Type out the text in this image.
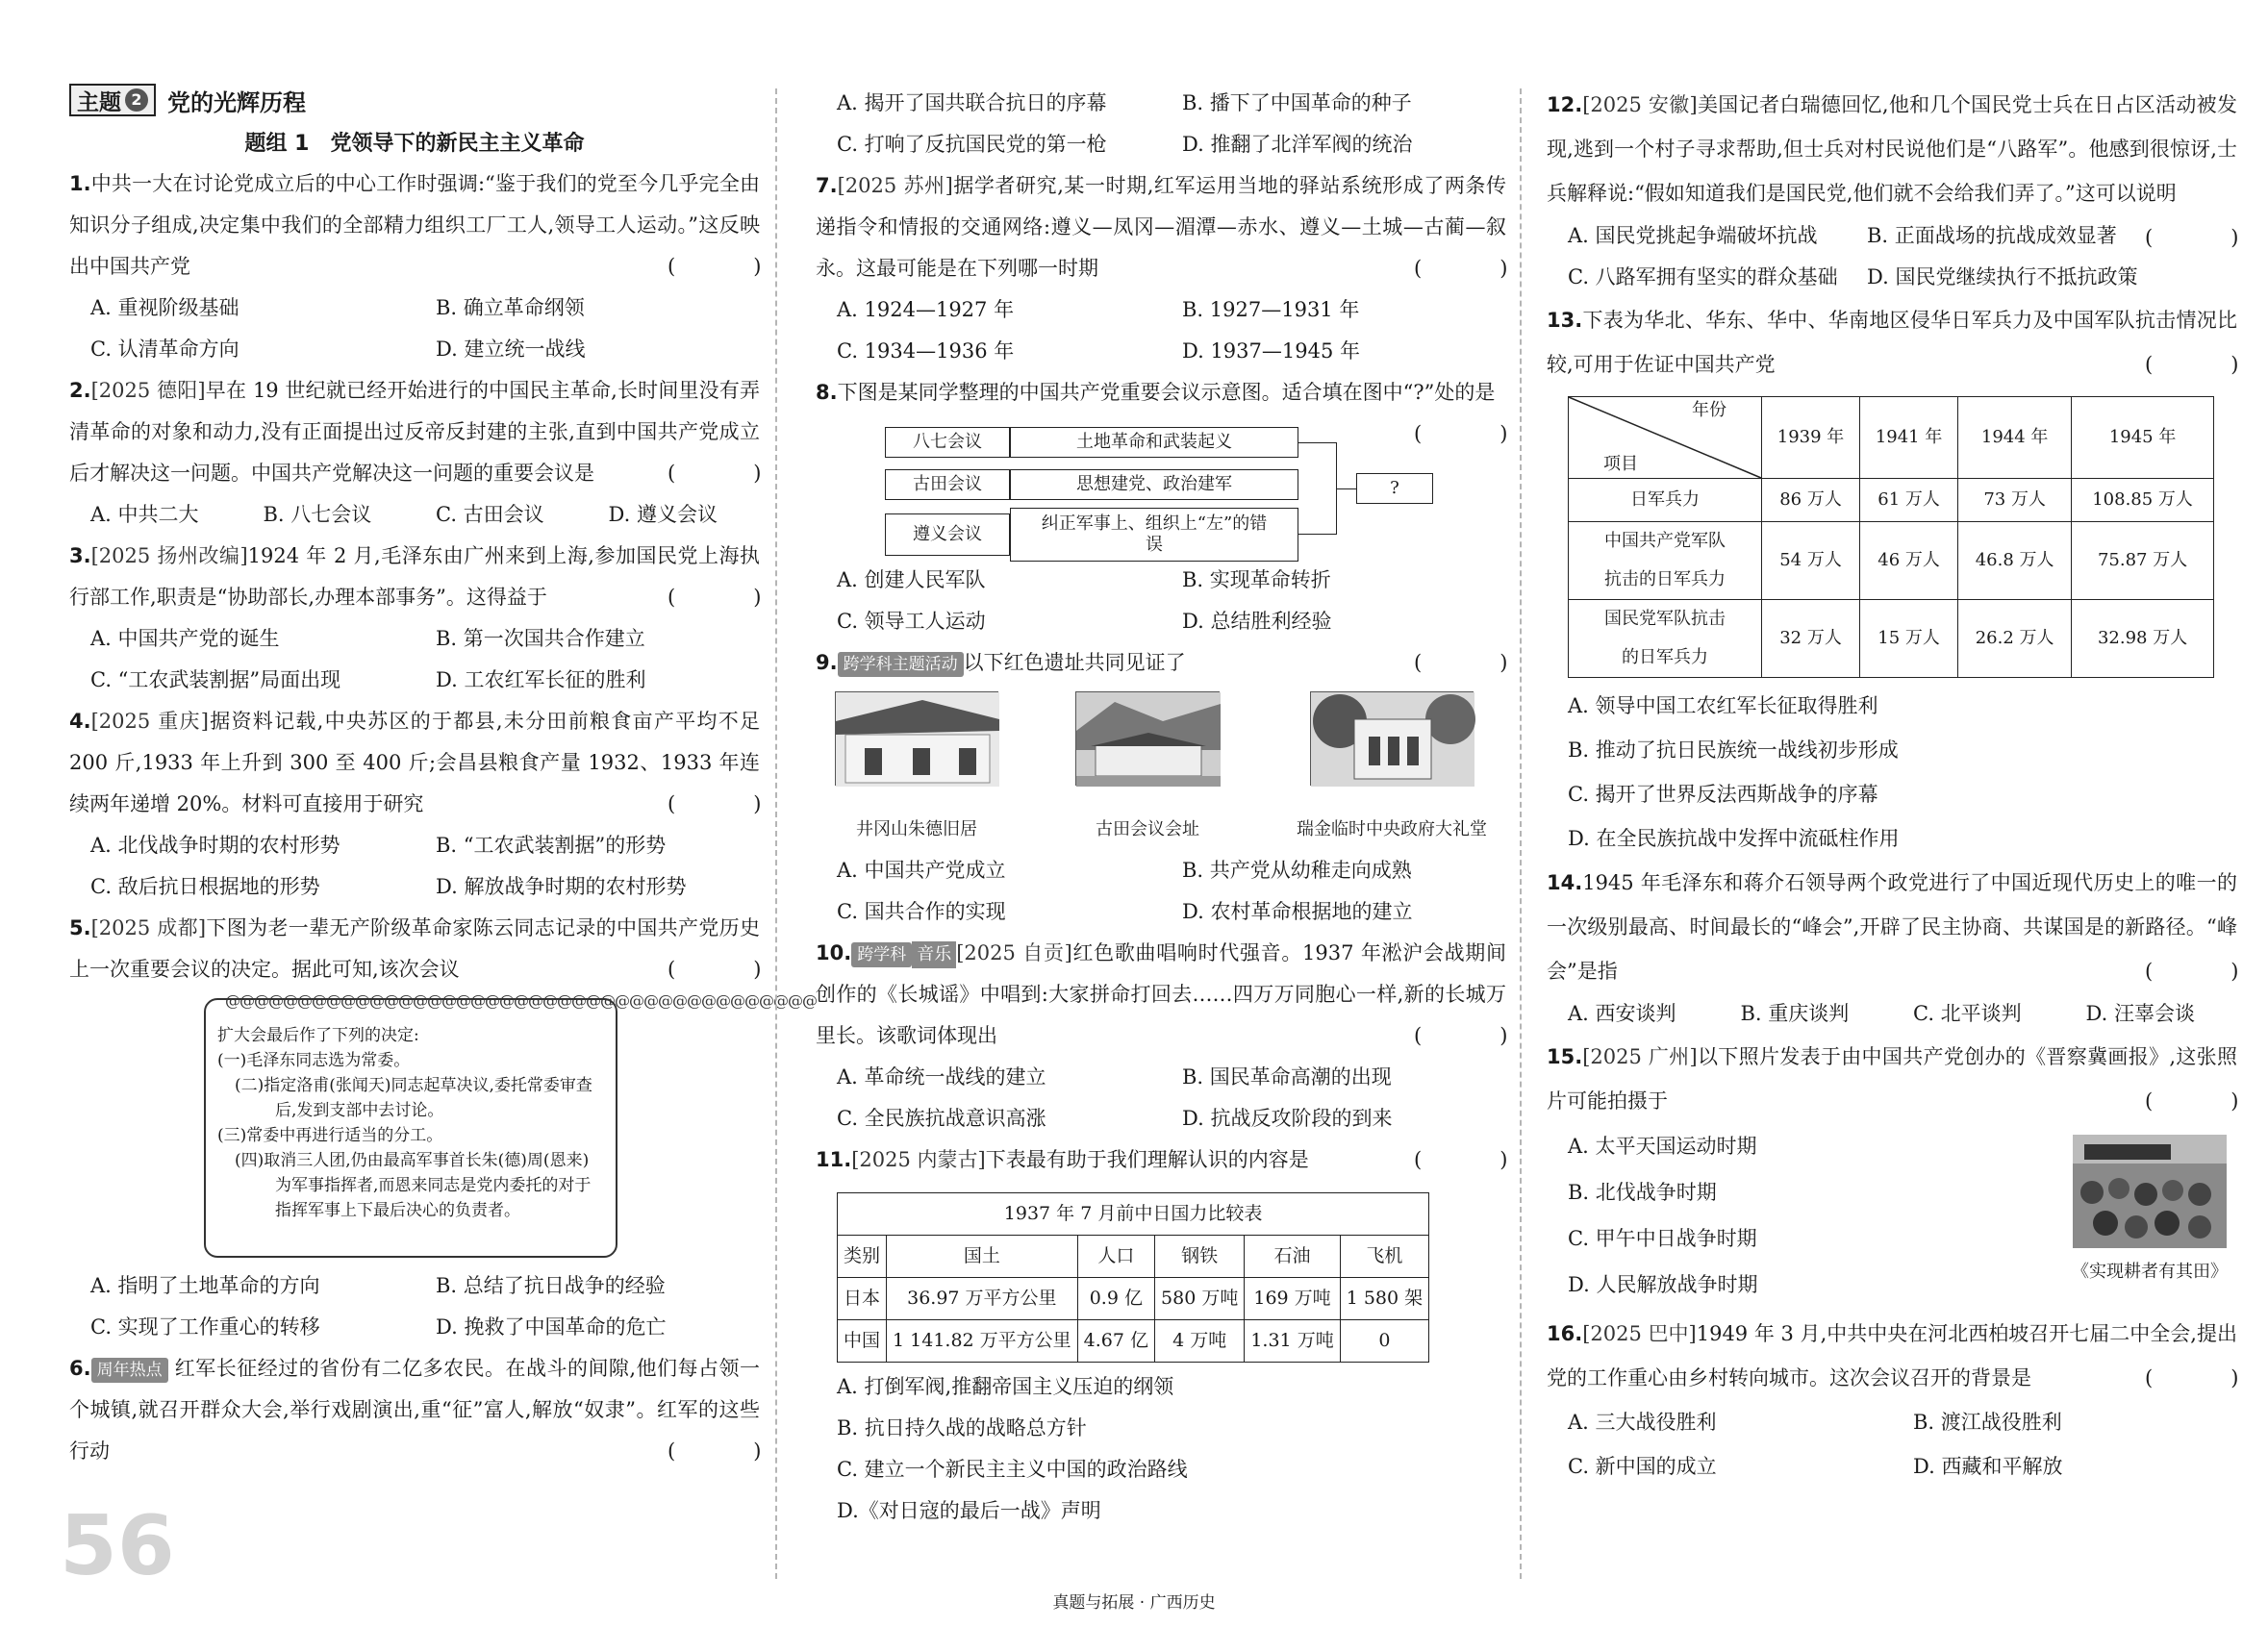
主题 2 党的光辉历程
题组 1　党领导下的新民主主义革命
1.中共一大在讨论党成立后的中心工作时强调:“鉴于我们的党至今几乎完全由知识分子组成,决定集中我们的全部精力组织工厂工人,领导工人运动。”这反映出中国共产党	(　)
A. 重视阶级基础	B. 确立革命纲领
C. 认清革命方向	D. 建立统一战线
2.[2025 德阳]早在 19 世纪就已经开始进行的中国民主革命,长时间里没有弄清革命的对象和动力,没有正面提出过反帝反封建的主张,直到中国共产党成立后才解决这一问题。中国共产党解决这一问题的重要会议是	(　)
A. 中共二大	B. 八七会议	C. 古田会议	D. 遵义会议
3.[2025 扬州改编]1924 年 2 月,毛泽东由广州来到上海,参加国民党上海执行部工作,职责是“协助部长,办理本部事务”。这得益于	(　)
A. 中国共产党的诞生	B. 第一次国共合作建立
C. “工农武装割据”局面出现	D. 工农红军长征的胜利
4.[2025 重庆]据资料记载,中央苏区的于都县,未分田前粮食亩产平均不足 200 斤,1933 年上升到 300 至 400 斤;会昌县粮食产量 1932、1933 年连续两年递增 20%。材料可直接用于研究	(　)
A. 北伐战争时期的农村形势	B. “工农武装割据”的形势
C. 敌后抗日根据地的形势	D. 解放战争时期的农村形势
5.[2025 成都]下图为老一辈无产阶级革命家陈云同志记录的中国共产党历史上一次重要会议的决定。据此可知,该次会议	(　)
@@@@@@@@@@@@@@@@@@@@@@@@@@@@@@@@@@@@@@@@@
扩大会最后作了下列的决定:
(一)毛泽东同志选为常委。
(二)指定洛甫(张闻天)同志起草决议,委托常委审查后,发到支部中去讨论。
(三)常委中再进行适当的分工。
(四)取消三人团,仍由最高军事首长朱(德)周(恩来)为军事指挥者,而恩来同志是党内委托的对于指挥军事上下最后决心的负责者。
A. 指明了土地革命的方向	B. 总结了抗日战争的经验
C. 实现了工作重心的转移	D. 挽救了中国革命的危亡
6. 周年热点 红军长征经过的省份有二亿多农民。在战斗的间隙,他们每占领一个城镇,就召开群众大会,举行戏剧演出,重“征”富人,解放“奴隶”。红军的这些行动	(　)
56
A. 揭开了国共联合抗日的序幕	B. 播下了中国革命的种子
C. 打响了反抗国民党的第一枪	D. 推翻了北洋军阀的统治
7.[2025 苏州]据学者研究,某一时期,红军运用当地的驿站系统形成了两条传递指令和情报的交通网络:遵义—凤冈—湄潭—赤水、遵义—土城—古蔺—叙永。这最可能是在下列哪一时期	(　)
A. 1924—1927 年	B. 1927—1931 年
C. 1934—1936 年	D. 1937—1945 年
8.下图是某同学整理的中国共产党重要会议示意图。适合填在图中“?”处的是
(　)
八七会议	土地革命和武装起义
古田会议	思想建党、政治建军
遵义会议
纠正军事上、组织上“左”的错误
?
A. 创建人民军队	B. 实现革命转折
C. 领导工人运动	D. 总结胜利经验
9. 跨学科主题活动 以下红色遗址共同见证了	(　)
井冈山朱德旧居	古田会议会址	瑞金临时中央政府大礼堂
A. 中国共产党成立	B. 共产党从幼稚走向成熟
C. 国共合作的实现	D. 农村革命根据地的建立
10. 跨学科 音乐 [2025 自贡]红色歌曲唱响时代强音。1937 年淞沪会战期间创作的《长城谣》中唱到:大家拼命打回去……四万万同胞心一样,新的长城万里长。该歌词体现出	(　)
A. 革命统一战线的建立	B. 国民革命高潮的出现
C. 全民族抗战意识高涨	D. 抗战反攻阶段的到来
11.[2025 内蒙古]下表最有助于我们理解认识的内容是	(　)
1937 年 7 月前中日国力比较表					
类别	国土	人口	钢铁	石油	飞机
日本	36.97 万平方公里	0.9 亿	580 万吨	169 万吨	1 580 架
中国	1 141.82 万平方公里	4.67 亿	4 万吨	1.31 万吨	0
A. 打倒军阀,推翻帝国主义压迫的纲领
B. 抗日持久战的战略总方针
C. 建立一个新民主主义中国的政治路线
D.《对日寇的最后一战》声明
12.[2025 安徽]美国记者白瑞德回忆,他和几个国民党士兵在日占区活动被发现,逃到一个村子寻求帮助,但士兵对村民说他们是“八路军”。他感到很惊讶,士兵解释说:“假如知道我们是国民党,他们就不会给我们弄了。”这可以说明
(　)
A. 国民党挑起争端破坏抗战	B. 正面战场的抗战成效显著
C. 八路军拥有坚实的群众基础	D. 国民党继续执行不抵抗政策
13.下表为华北、华东、华中、华南地区侵华日军兵力及中国军队抗击情况比较,可用于佐证中国共产党	(　)
年份
项目	1939 年	1941 年	1944 年	1945 年
日军兵力	86 万人	61 万人	73 万人	108.85 万人
中国共产党军队抗击的日军兵力	54 万人	46 万人	46.8 万人	75.87 万人
国民党军队抗击的日军兵力	32 万人	15 万人	26.2 万人	32.98 万人
A. 领导中国工农红军长征取得胜利
B. 推动了抗日民族统一战线初步形成
C. 揭开了世界反法西斯战争的序幕
D. 在全民族抗战中发挥中流砥柱作用
14.1945 年毛泽东和蒋介石领导两个政党进行了中国近现代历史上的唯一的一次级别最高、时间最长的“峰会”,开辟了民主协商、共谋国是的新路径。“峰会”是指	(　)
A. 西安谈判	B. 重庆谈判	C. 北平谈判	D. 汪辜会谈
15.[2025 广州]以下照片发表于由中国共产党创办的《晋察冀画报》,这张照片可能拍摄于	(　)
A. 太平天国运动时期
B. 北伐战争时期
C. 甲午中日战争时期
D. 人民解放战争时期
《实现耕者有其田》
16.[2025 巴中]1949 年 3 月,中共中央在河北西柏坡召开七届二中全会,提出党的工作重心由乡村转向城市。这次会议召开的背景是	(　)
A. 三大战役胜利	B. 渡江战役胜利
C. 新中国的成立	D. 西藏和平解放
真题与拓展 · 广西历史
